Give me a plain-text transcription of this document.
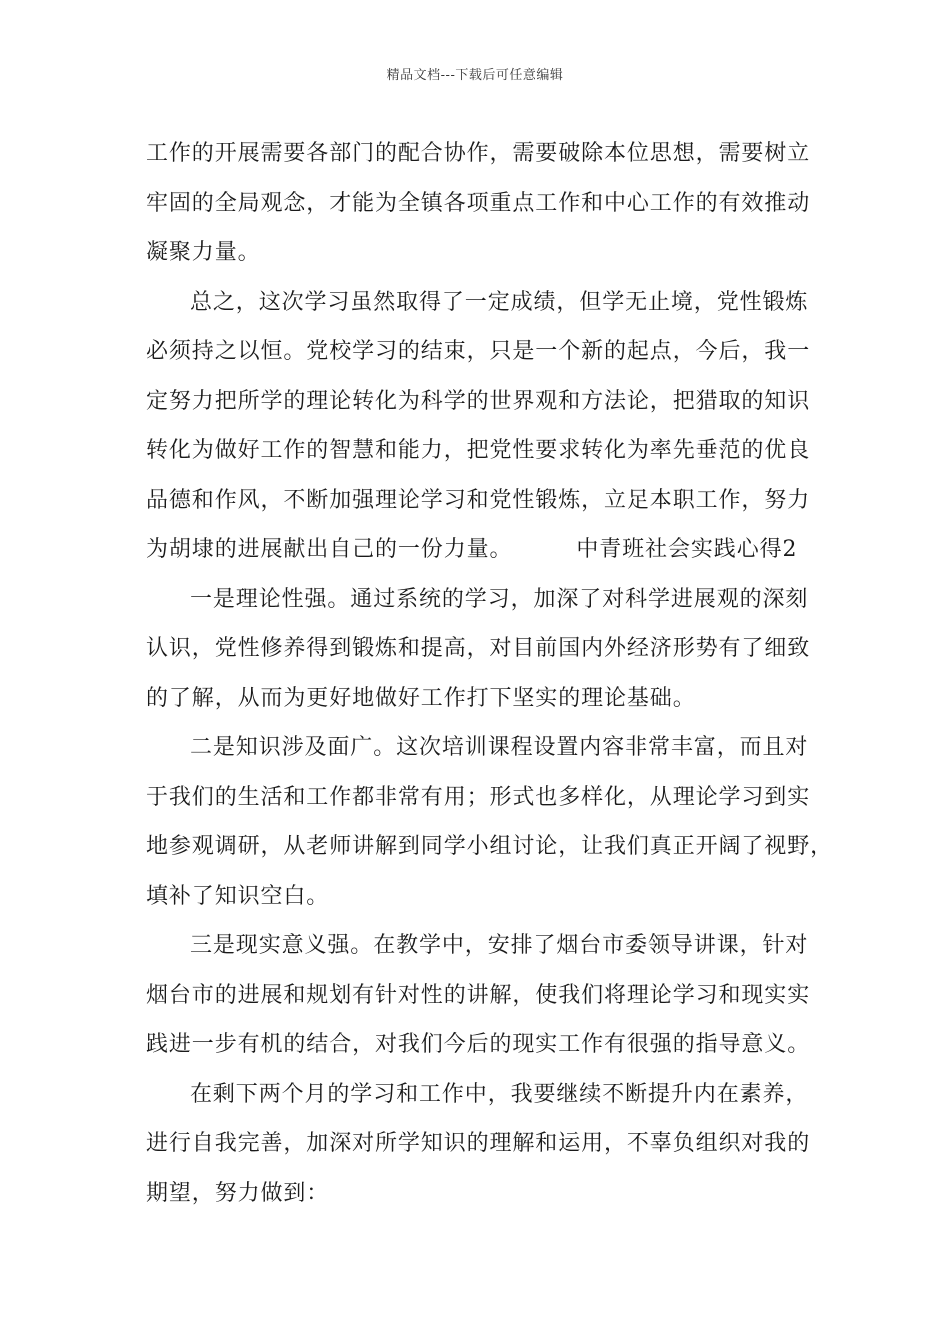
精品文档---下载后可任意编辑
工作的开展需要各部门的配合协作，需要破除本位思想，需要树立
牢固的全局观念，才能为全镇各项重点工作和中心工作的有效推动
凝聚力量。
总之，这次学习虽然取得了一定成绩，但学无止境，党性锻炼
必须持之以恒。党校学习的结束，只是一个新的起点，今后，我一
定努力把所学的理论转化为科学的世界观和方法论，把猎取的知识
转化为做好工作的智慧和能力，把党性要求转化为率先垂范的优良
品德和作风，不断加强理论学习和党性锻炼，立足本职工作，努力
为胡埭的进展献出自己的一份力量。	中青班社会实践心得2
一是理论性强。通过系统的学习，加深了对科学进展观的深刻
认识，党性修养得到锻炼和提高，对目前国内外经济形势有了细致
的了解，从而为更好地做好工作打下坚实的理论基础。
二是知识涉及面广。这次培训课程设置内容非常丰富，而且对
于我们的生活和工作都非常有用；形式也多样化，从理论学习到实
地参观调研，从老师讲解到同学小组讨论，让我们真正开阔了视野，
填补了知识空白。
三是现实意义强。在教学中，安排了烟台市委领导讲课，针对
烟台市的进展和规划有针对性的讲解，使我们将理论学习和现实实
践进一步有机的结合，对我们今后的现实工作有很强的指导意义。
在剩下两个月的学习和工作中，我要继续不断提升内在素养，
进行自我完善，加深对所学知识的理解和运用，不辜负组织对我的
期望，努力做到：
